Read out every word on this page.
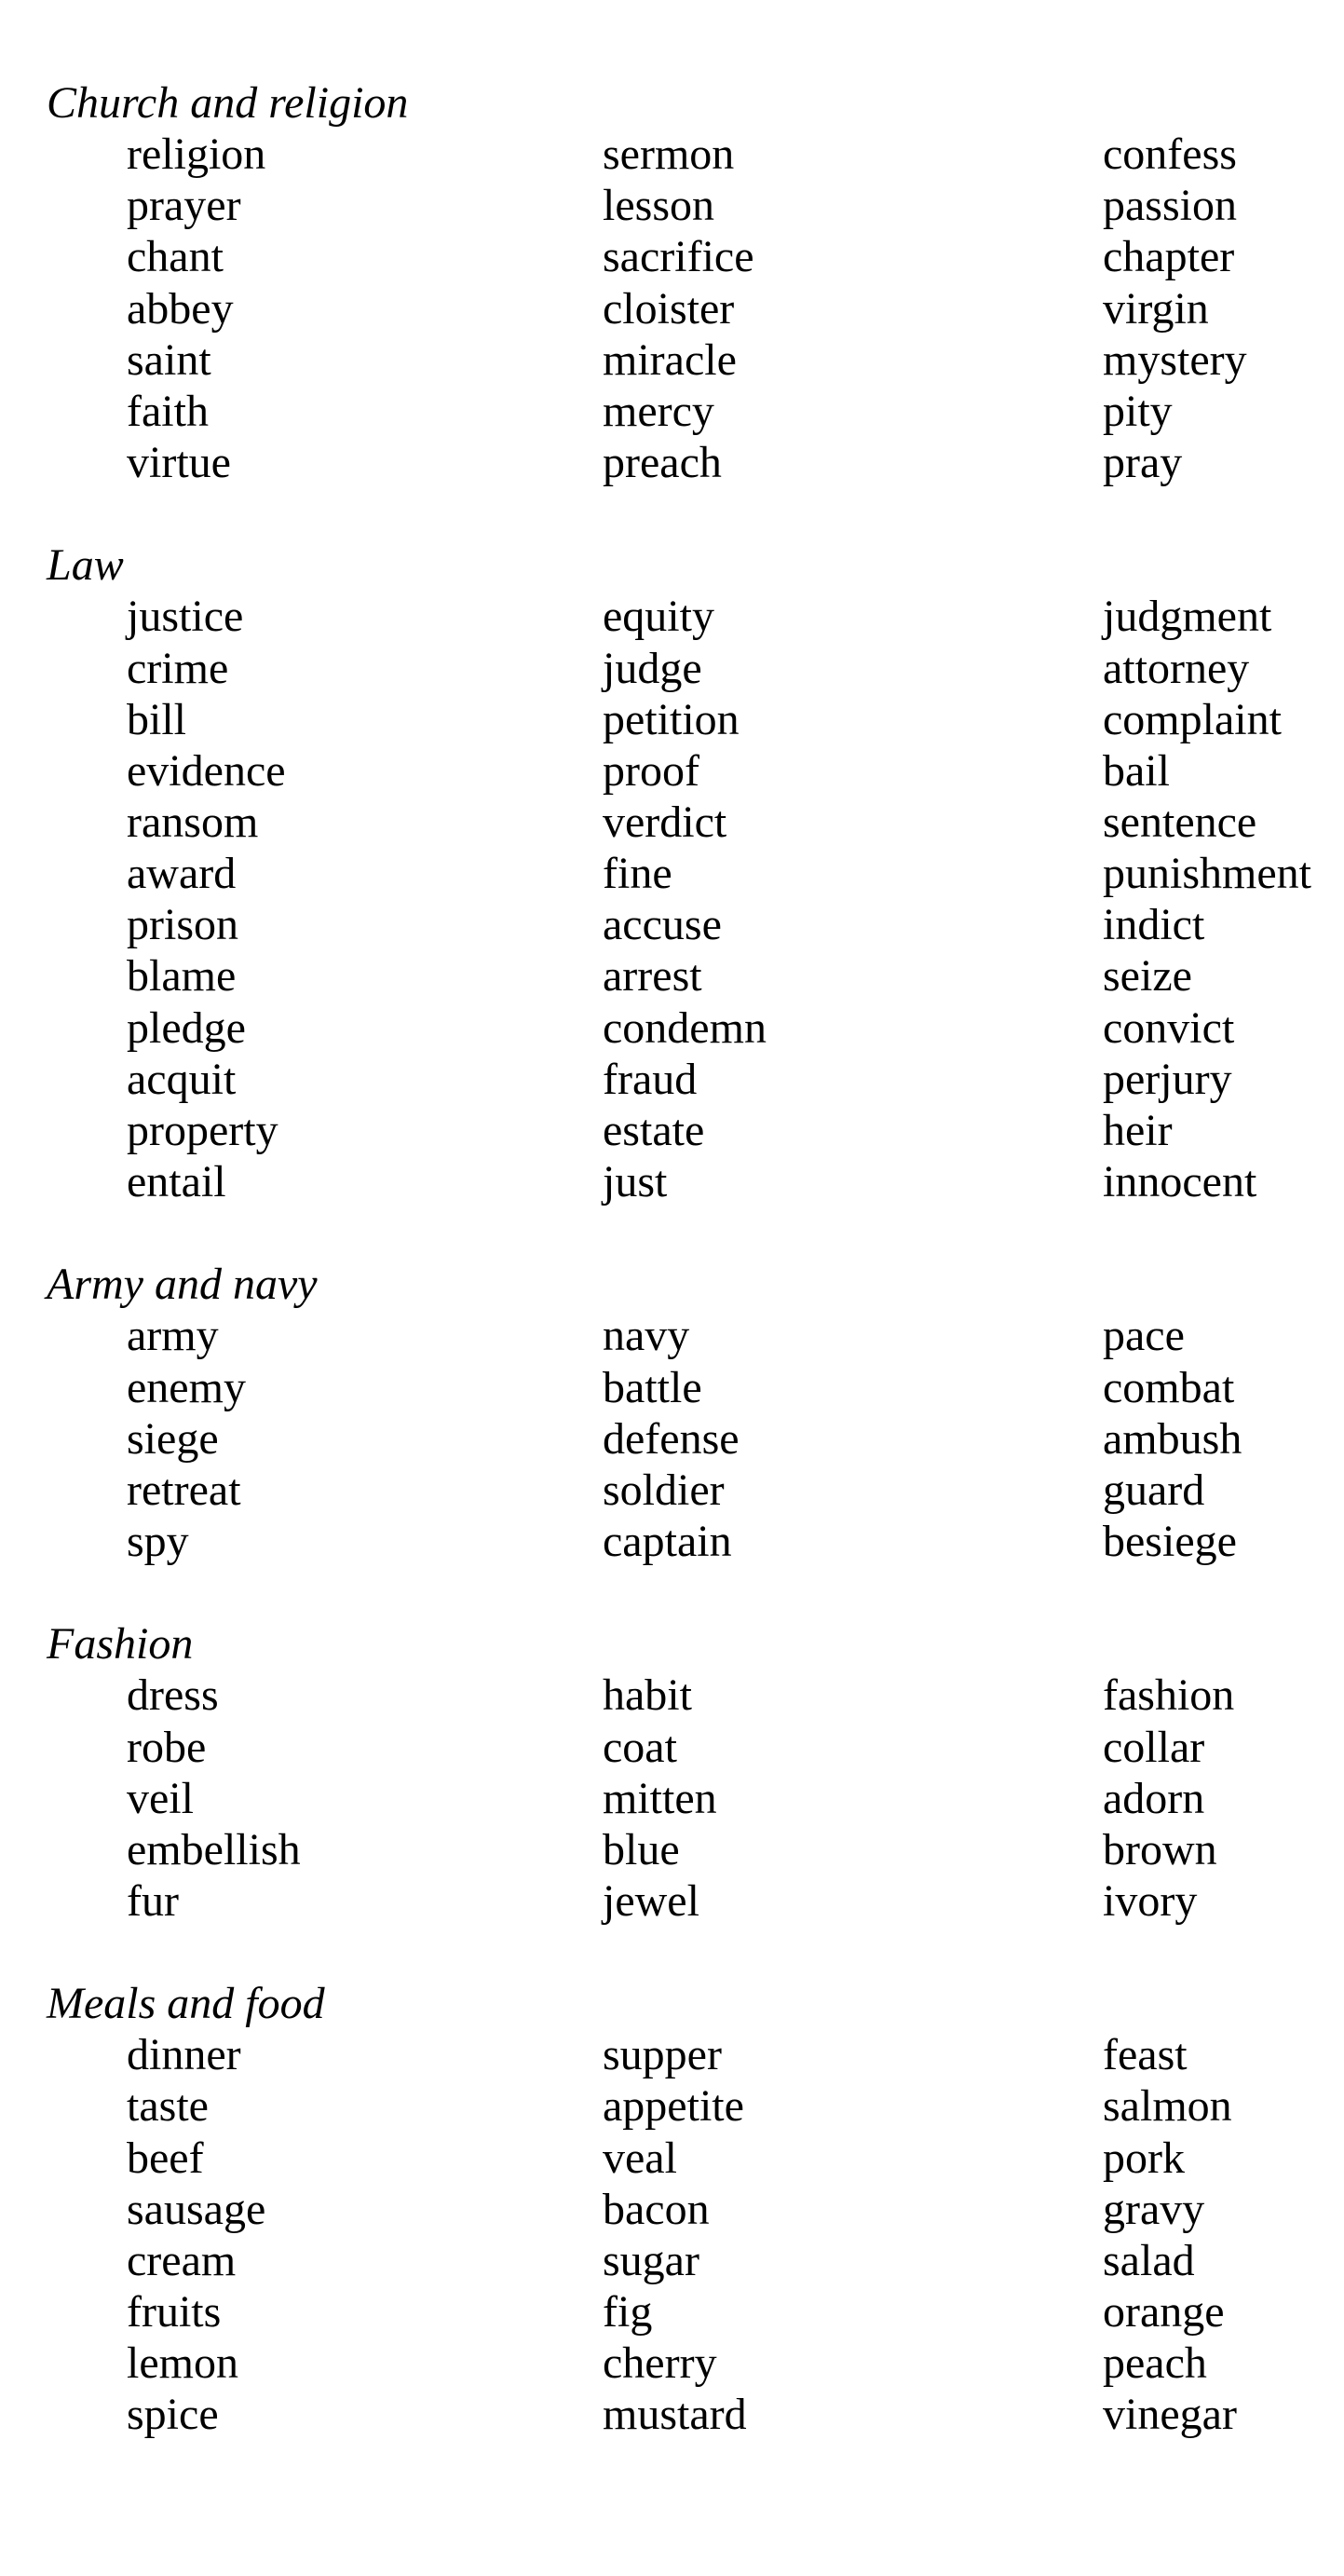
Church and religion
religion	sermon	confess
prayer	lesson	passion
chant	sacrifice	chapter
abbey	cloister	virgin
saint	miracle	mystery
faith	mercy	pity
virtue	preach	pray
Law
justice	equity	judgment
crime	judge	attorney
bill	petition	complaint
evidence	proof	bail
ransom	verdict	sentence
award	fine	punishment
prison	accuse	indict
blame	arrest	seize
pledge	condemn	convict
acquit	fraud	perjury
property	estate	heir
entail	just	innocent
Army and navy
army	navy	pace
enemy	battle	combat
siege	defense	ambush
retreat	soldier	guard
spy	captain	besiege
Fashion
dress	habit	fashion
robe	coat	collar
veil	mitten	adorn
embellish	blue	brown
fur	jewel	ivory
Meals and food
dinner	supper	feast
taste	appetite	salmon
beef	veal	pork
sausage	bacon	gravy
cream	sugar	salad
fruits	fig	orange
lemon	cherry	peach
spice	mustard	vinegar
